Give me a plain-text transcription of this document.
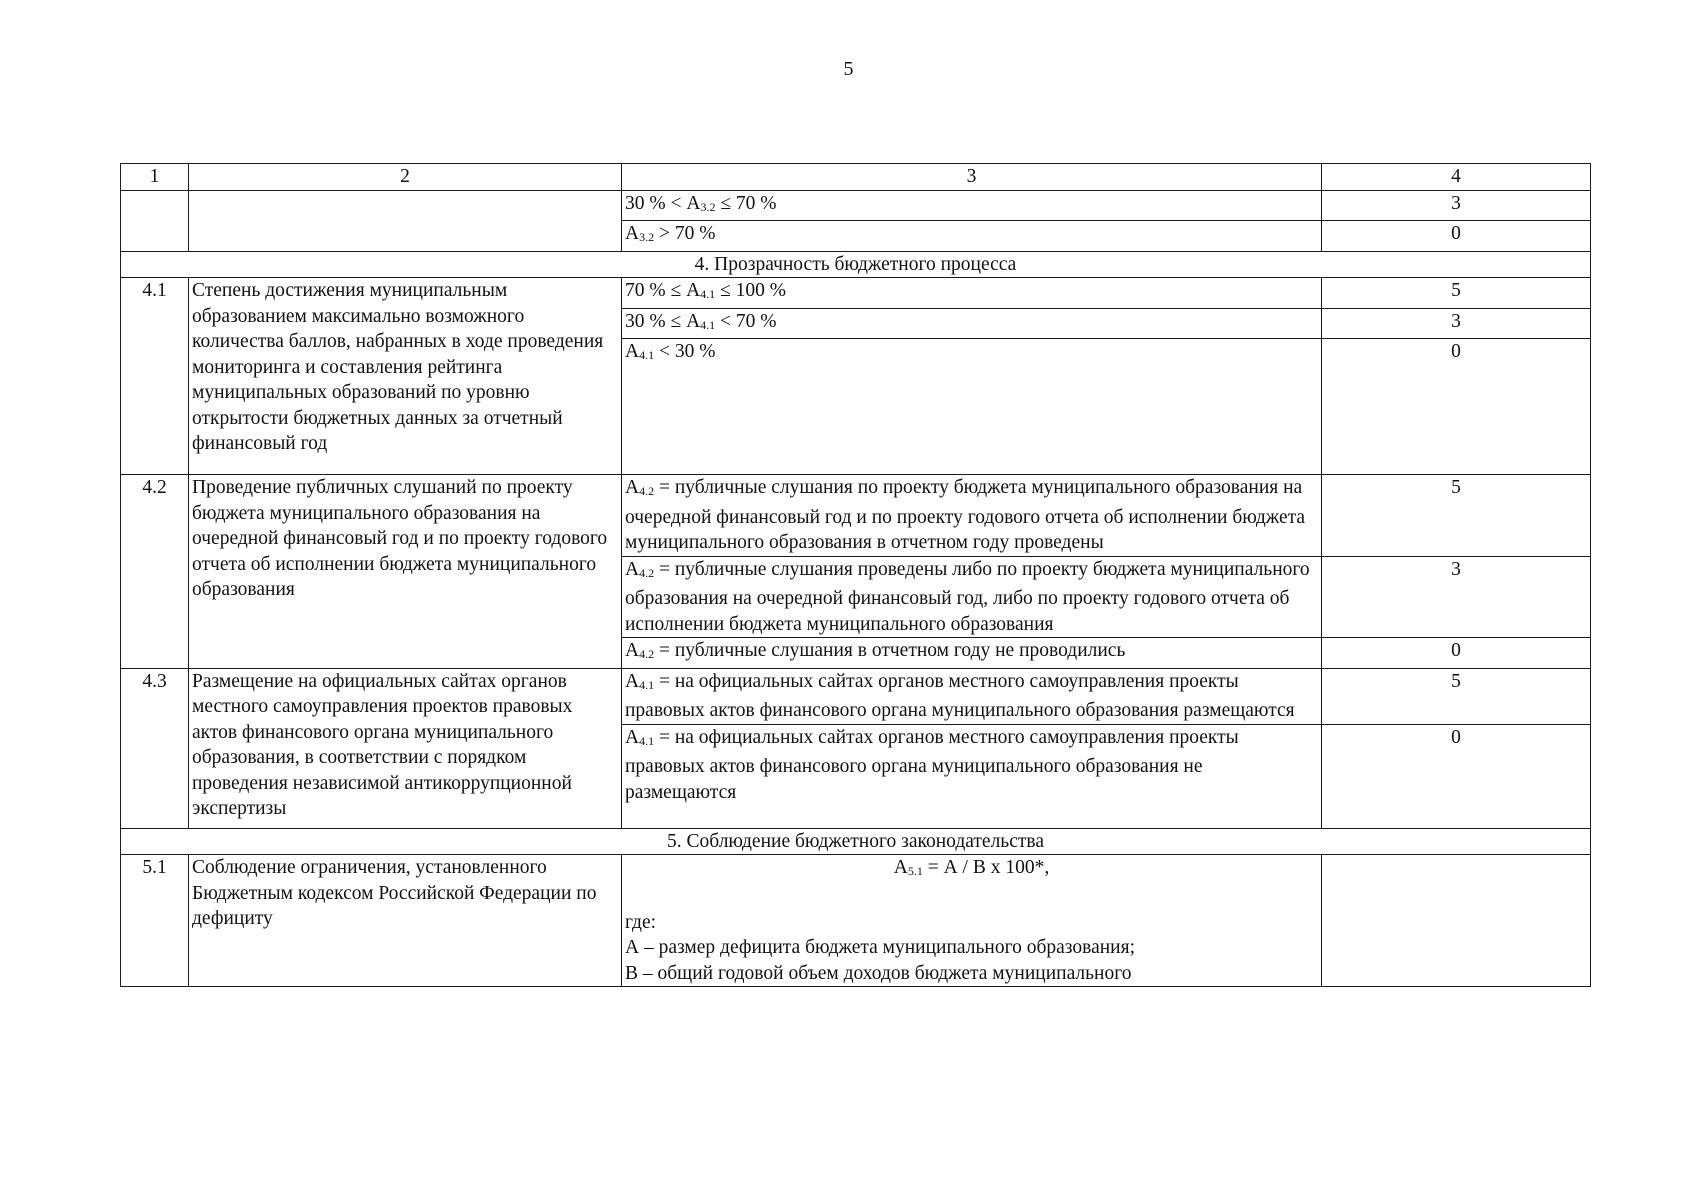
5
1	2	3	4
		30 % < $А_{3.2} \le 70$ %	3
		$А_{3.2} > 70$ %	0
4. Прозрачность бюджетного процесса			
4.1	Степень достижения муниципальным образованием максимально возможного количества баллов, набранных в ходе проведения мониторинга и составления рейтинга муниципальных образований по уровню открытости бюджетных данных за отчетный финансовый год	70 % ≤ $А_{4.1} \le 100$ %	5
		30 % ≤ $А_{4.1} < 70$ %	3
		$А_{4.1} < 30$ %	0
4.2	Проведение публичных слушаний по проекту бюджета муниципального образования на очередной финансовый год и по проекту годового отчета об исполнении бюджета муниципального образования	$А_{4.2}$ = публичные слушания по проекту бюджета муниципального образования на очередной финансовый год и по проекту годового отчета об исполнении бюджета муниципального образования в отчетном году проведены	5
		$А_{4.2}$ = публичные слушания проведены либо по проекту бюджета муниципального образования на очередной финансовый год, либо по проекту годового отчета об исполнении бюджета муниципального образования	3
		$А_{4.2}$ = публичные слушания в отчетном году не проводились	0
4.3	Размещение на официальных сайтах органов местного самоуправления проектов правовых актов финансового органа муниципального образования, в соответствии с порядком проведения независимой антикоррупционной экспертизы	$А_{4.1}$ = на официальных сайтах органов местного самоуправления проекты правовых актов финансового органа муниципального образования размещаются	5
		$А_{4.1}$ = на официальных сайтах органов местного самоуправления проекты правовых актов финансового органа муниципального образования не размещаются	0
5. Соблюдение бюджетного законодательства			
5.1	Соблюдение ограничения, установленного Бюджетным кодексом Российской Федерации по дефициту	$А_{5.1} = А / В$ х 100*,
где:
А – размер дефицита бюджета муниципального образования;
В – общий годовой объем доходов бюджета муниципального	
